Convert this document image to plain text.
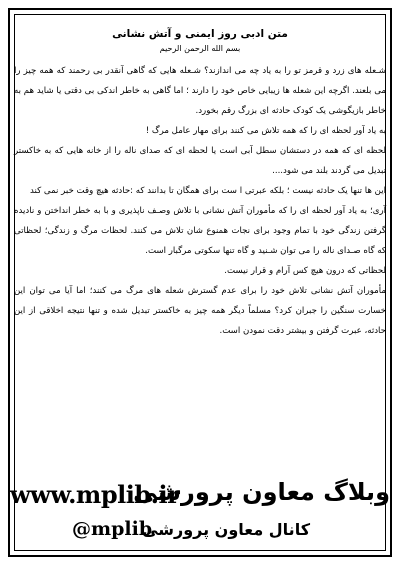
متن ادبی روز ایمنی و آتش نشانی
بسم الله الرحمن الرحیم

شـعله های زرد و قرمز تو را به یاد چه می اندازند؟ شـعله هایی که گاهی آنقدر بی رحمند که همه چیز را می بلعند. اگرچه این شعله ها زیبایی خاص خود را دارند ؛ اما گاهی به خاطر اندکی بی دقتی یا شاید هم به خاطر بازیگوشی یک کودک حادثه ای بزرگ رقم بخورد.

به یاد آور لحظه ای را که همه تلاش می کنند برای مهار عامل مرگ !

لحظه ای که همه در دستشان سطل آبی است یا لحظه ای که صدای ناله را از خانه هایی که به خاکستر تبدیل می گردند بلند می شود....

این ها تنها یک حادثه نیست ؛ بلکه عبرتی ا ست برای همگان تا بدانند که :حادثه هیچ وقت خبر نمی کند

آری؛ به یاد آور لحظه ای را که مأموران آتش نشانی با تلاش وصـف ناپذیری و با به خطر انداختن و نادیده گرفتن زندگی خود با تمام وجود برای نجات همنوع شان تلاش می کنند. لحظات مرگ و زندگی؛ لحظاتی که گاه صـدای ناله را می توان شـنید و گاه تنها سکوتی مرگبار است.

لحظاتی که درون هیچ کس آرام و قرار نیست.

مأموران آتش نشانی تلاش خود را برای عدم گسترش شعله های مرگ می کنند؛ اما آیا می توان این خسارت سنگین را جبران کرد؟ مسلماً دیگر همه چیز به خاکستر تبدیل شده و تنها نتیجه اخلاقی از این حادثه، عبرت گرفتن و بیشتر دقت نمودن است.

www.mplib.ir
وبلاگ معاون پرورشی
@mplib
کانال معاون پرورشی
